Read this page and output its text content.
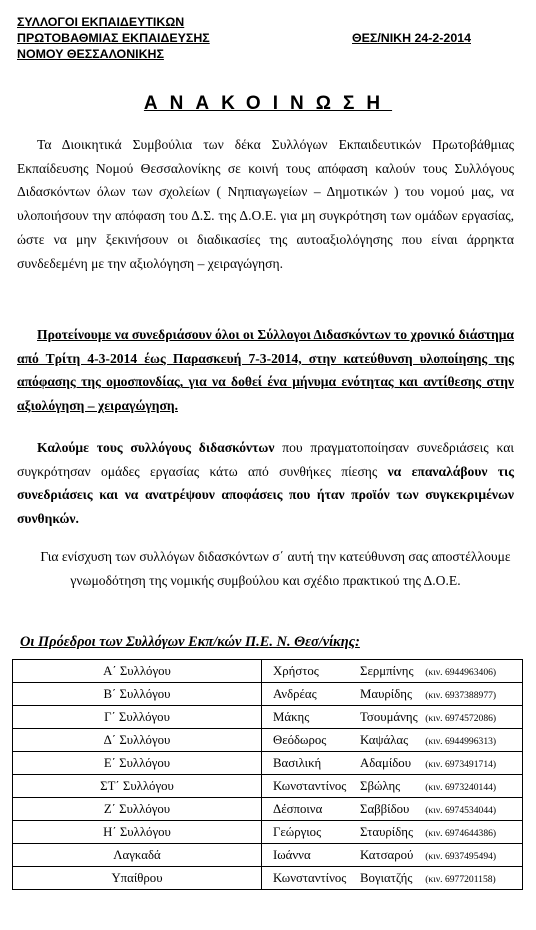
ΣΥΛΛΟΓΟΙ ΕΚΠΑΙΔΕΥΤΙΚΩΝ
ΠΡΩΤΟΒΑΘΜΙΑΣ ΕΚΠΑΙΔΕΥΣΗΣ
ΝΟΜΟΥ ΘΕΣΣΑΛΟΝΙΚΗΣ
ΘΕΣ/ΝΙΚΗ 24-2-2014
ΑΝΑΚΟΙΝΩΣΗ
Τα Διοικητικά Συμβούλια των δέκα Συλλόγων Εκπαιδευτικών Πρωτοβάθμιας Εκπαίδευσης Νομού Θεσσαλονίκης σε κοινή τους απόφαση καλούν τους Συλλόγους Διδασκόντων όλων των σχολείων ( Νηπιαγωγείων – Δημοτικών ) του νομού μας, να υλοποιήσουν την απόφαση του Δ.Σ. της Δ.Ο.Ε. για μη συγκρότηση των ομάδων εργασίας, ώστε να μην ξεκινήσουν οι διαδικασίες της αυτοαξιολόγησης που είναι άρρηκτα συνδεδεμένη με την αξιολόγηση – χειραγώγηση.
Προτείνουμε να συνεδριάσουν όλοι οι Σύλλογοι Διδασκόντων το χρονικό διάστημα από Τρίτη 4-3-2014 έως Παρασκευή 7-3-2014, στην κατεύθυνση υλοποίησης της απόφασης της ομοσπονδίας, για να δοθεί ένα μήνυμα ενότητας και αντίθεσης στην αξιολόγηση – χειραγώγηση.
Καλούμε τους συλλόγους διδασκόντων που πραγματοποίησαν συνεδριάσεις και συγκρότησαν ομάδες εργασίας κάτω από συνθήκες πίεσης να επαναλάβουν τις συνεδριάσεις και να ανατρέψουν αποφάσεις που ήταν προϊόν των συγκεκριμένων συνθηκών.
Για ενίσχυση των συλλόγων διδασκόντων σ΄ αυτή την κατεύθυνση σας αποστέλλουμε γνωμοδότηση της νομικής συμβούλου και σχέδιο πρακτικού της Δ.Ο.Ε.
Οι Πρόεδροι των Συλλόγων Εκπ/κών Π.Ε. Ν. Θεσ/νίκης:
Α΄ Συλλόγου	Χρήστος Σερμπίνης (κιν. 6944963406)
Β΄ Συλλόγου	Ανδρέας Μαυρίδης (κιν. 6937388977)
Γ΄ Συλλόγου	Μάκης Τσουμάνης (κιν. 6974572086)
Δ΄ Συλλόγου	Θεόδωρος Καψάλας (κιν. 6944996313)
Ε΄ Συλλόγου	Βασιλική Αδαμίδου (κιν. 6973491714)
ΣΤ΄ Συλλόγου	Κωνσταντίνος Σβώλης (κιν. 6973240144)
Ζ΄ Συλλόγου	Δέσποινα Σαββίδου (κιν. 6974534044)
Η΄ Συλλόγου	Γεώργιος Σταυρίδης (κιν. 6974644386)
Λαγκαδά	Ιωάννα Κατσαρού (κιν. 6937495494)
Υπαίθρου	Κωνσταντίνος Βογιατζής (κιν. 6977201158)
